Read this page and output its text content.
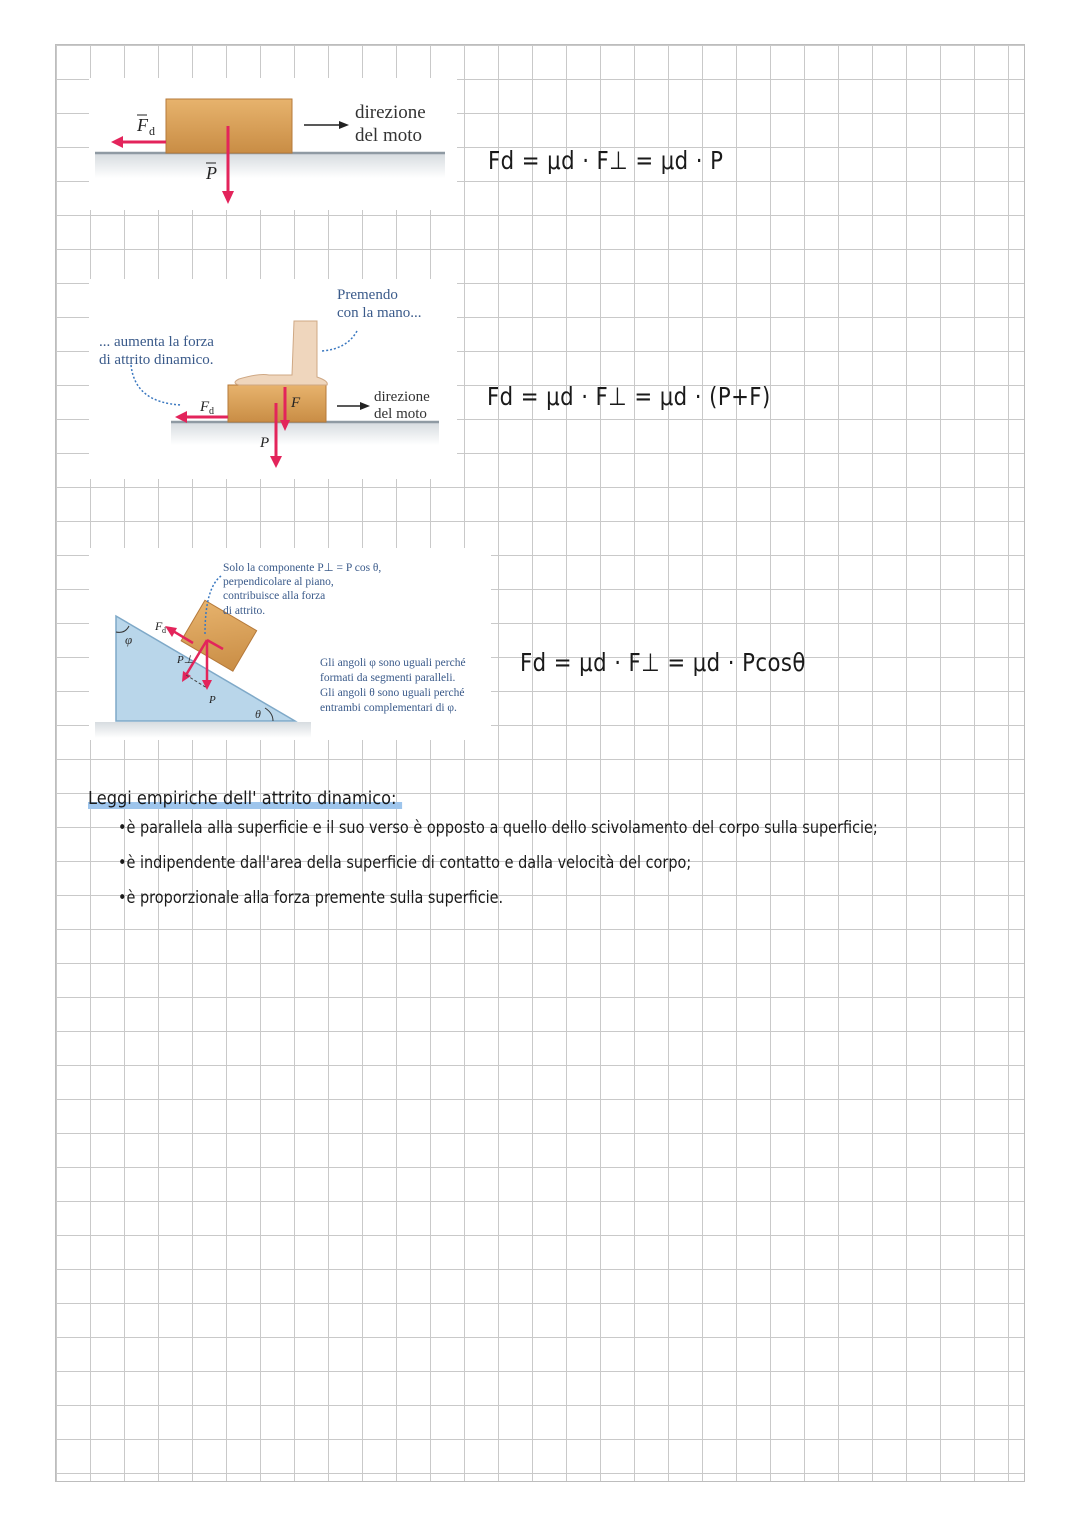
F d
P
direzione
del moto
Premendo
con la mano...
... aumenta la forza
di attrito dinamico.
F d
F
P
direzione
del moto
φ
θ
F d
P⊥
P
Solo la componente P⊥ = P cos θ,
perpendicolare al piano,
contribuisce alla forza
di attrito.
Gli angoli φ sono uguali perché
formati da segmenti paralleli.
Gli angoli θ sono uguali perché
entrambi complementari di φ.
Fd = μd · F⊥ = μd · P
Fd = μd · F⊥ = μd · (P+F)
Fd = μd · F⊥ = μd · Pcosθ
Leggi empiriche dell' attrito dinamico:
•è parallela alla superficie e il suo verso è opposto a quello dello scivolamento del corpo sulla superficie;
•è indipendente dall'area della superficie di contatto e dalla velocità del corpo;
•è proporzionale alla forza premente sulla superficie.
